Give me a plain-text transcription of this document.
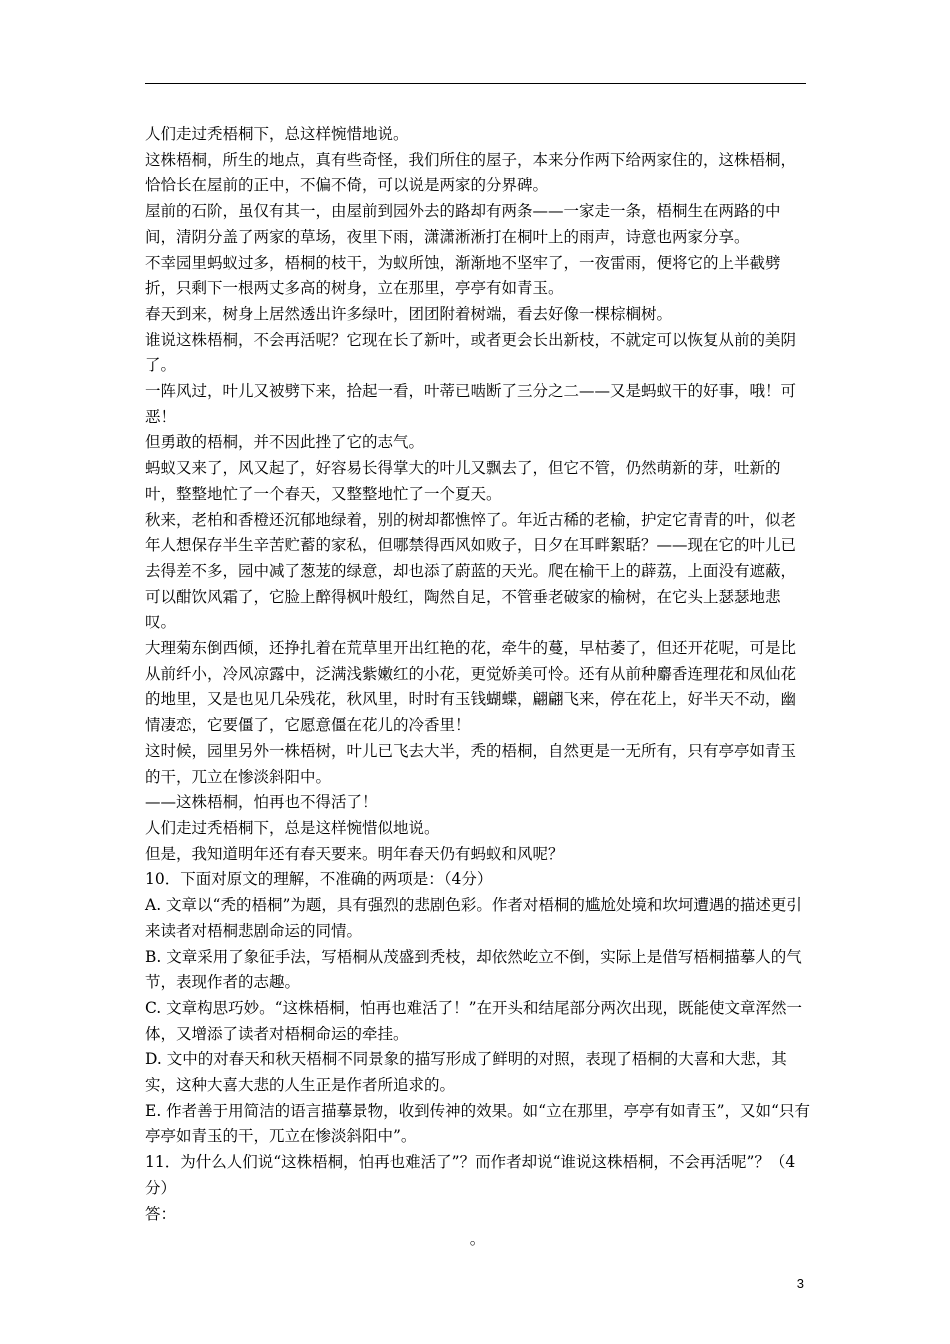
人们走过秃梧桐下，总这样惋惜地说。

这株梧桐，所生的地点，真有些奇怪，我们所住的屋子，本来分作两下给两家住的，这株梧桐，恰恰长在屋前的正中，不偏不倚，可以说是两家的分界碑。

屋前的石阶，虽仅有其一，由屋前到园外去的路却有两条——一家走一条，梧桐生在两路的中间，清阴分盖了两家的草场，夜里下雨，潇潇淅淅打在桐叶上的雨声，诗意也两家分享。

不幸园里蚂蚁过多，梧桐的枝干，为蚁所蚀，渐渐地不坚牢了，一夜雷雨，便将它的上半截劈折，只剩下一根两丈多高的树身，立在那里，亭亭有如青玉。

春天到来，树身上居然透出许多绿叶，团团附着树端，看去好像一棵棕榈树。

谁说这株梧桐，不会再活呢？它现在长了新叶，或者更会长出新枝，不就定可以恢复从前的美阴了。

一阵风过，叶儿又被劈下来，拾起一看，叶蒂已啮断了三分之二——又是蚂蚁干的好事，哦！可恶！

但勇敢的梧桐，并不因此挫了它的志气。

蚂蚁又来了，风又起了，好容易长得掌大的叶儿又飘去了，但它不管，仍然萌新的芽，吐新的叶，整整地忙了一个春天，又整整地忙了一个夏天。

秋来，老柏和香橙还沉郁地绿着，别的树却都憔悴了。年近古稀的老榆，护定它青青的叶，似老年人想保存半生辛苦贮蓄的家私，但哪禁得西风如败子，日夕在耳畔絮聒？——现在它的叶儿已去得差不多，园中减了葱茏的绿意，却也添了蔚蓝的天光。爬在榆干上的薜荔，上面没有遮蔽，可以酣饮风霜了，它脸上醉得枫叶般红，陶然自足，不管垂老破家的榆树，在它头上瑟瑟地悲叹。

大理菊东倒西倾，还挣扎着在荒草里开出红艳的花，牵牛的蔓，早枯萎了，但还开花呢，可是比从前纤小，冷风凉露中，泛满浅紫嫩红的小花，更觉娇美可怜。还有从前种麝香连理花和凤仙花的地里，又是也见几朵残花，秋风里，时时有玉钱蝴蝶，翩翩飞来，停在花上，好半天不动，幽情凄恋，它要僵了，它愿意僵在花儿的冷香里！

这时候，园里另外一株梧树，叶儿已飞去大半，秃的梧桐，自然更是一无所有，只有亭亭如青玉的干，兀立在惨淡斜阳中。

——这株梧桐，怕再也不得活了！

人们走过秃梧桐下，总是这样惋惜似地说。

但是，我知道明年还有春天要来。明年春天仍有蚂蚁和风呢？

10．下面对原文的理解，不准确的两项是：（4分）

A. 文章以“秃的梧桐”为题，具有强烈的悲剧色彩。作者对梧桐的尴尬处境和坎坷遭遇的描述更引来读者对梧桐悲剧命运的同情。

B. 文章采用了象征手法，写梧桐从茂盛到秃枝，却依然屹立不倒，实际上是借写梧桐描摹人的气节，表现作者的志趣。

C. 文章构思巧妙。“这株梧桐，怕再也难活了！”在开头和结尾部分两次出现，既能使文章浑然一体，又增添了读者对梧桐命运的牵挂。

D. 文中的对春天和秋天梧桐不同景象的描写形成了鲜明的对照，表现了梧桐的大喜和大悲，其实，这种大喜大悲的人生正是作者所追求的。

E. 作者善于用简洁的语言描摹景物，收到传神的效果。如“立在那里，亭亭有如青玉”，又如“只有亭亭如青玉的干，兀立在惨淡斜阳中”。

11．为什么人们说“这株梧桐，怕再也难活了”？而作者却说“谁说这株梧桐，不会再活呢”？（4分）

答：

。

3
